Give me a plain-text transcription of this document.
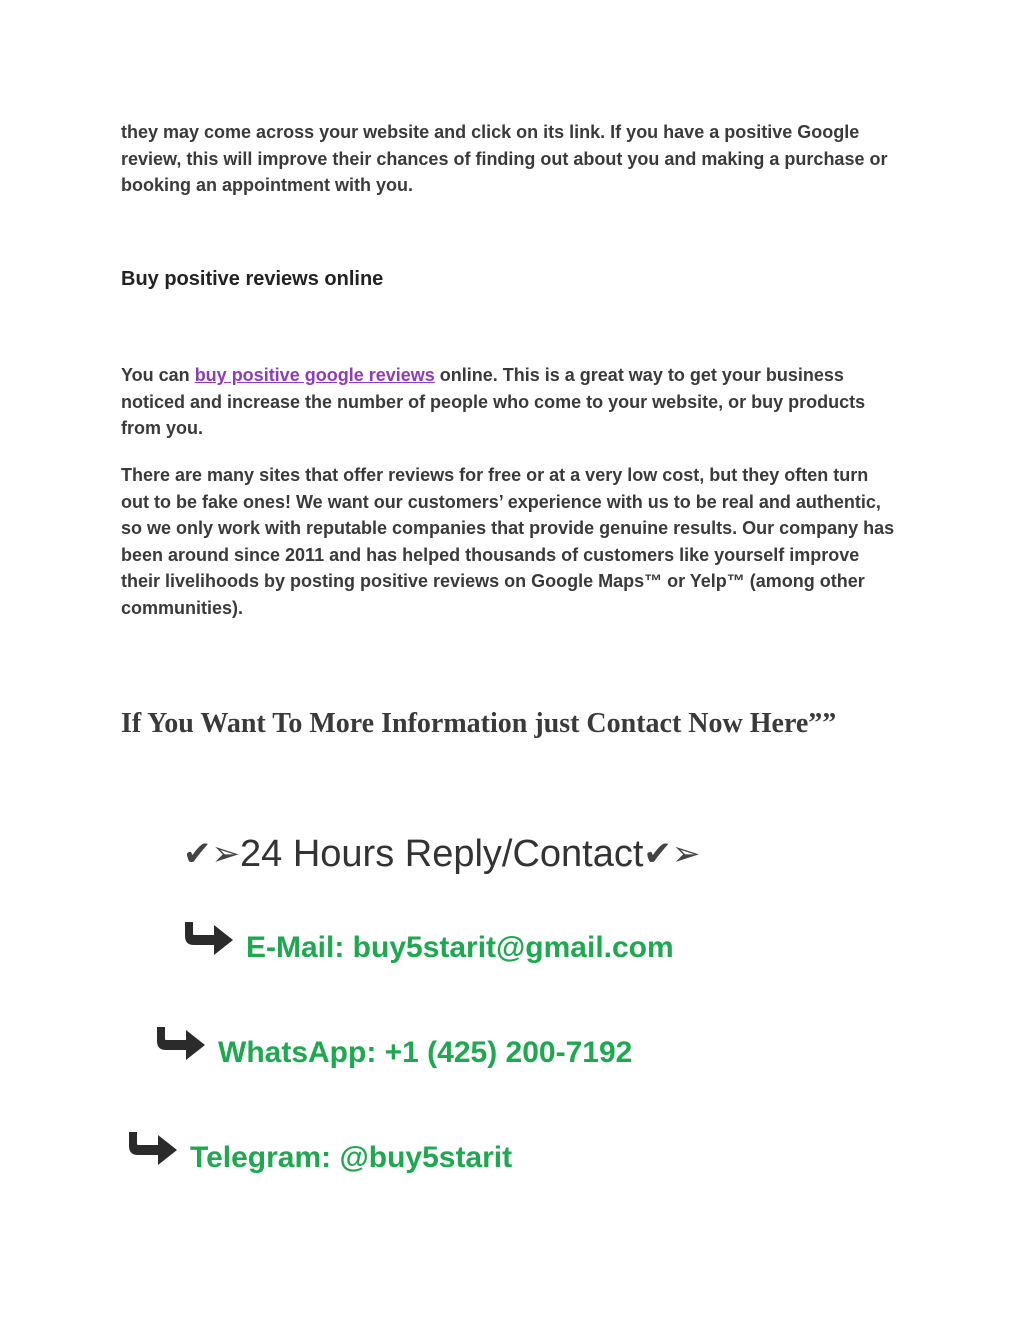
they may come across your website and click on its link. If you have a positive Google review, this will improve their chances of finding out about you and making a purchase or booking an appointment with you.

Buy positive reviews online

You can buy positive google reviews online. This is a great way to get your business noticed and increase the number of people who come to your website, or buy products from you.

There are many sites that offer reviews for free or at a very low cost, but they often turn out to be fake ones! We want our customers’ experience with us to be real and authentic, so we only work with reputable companies that provide genuine results. Our company has been around since 2011 and has helped thousands of customers like yourself improve their livelihoods by posting positive reviews on Google Maps™ or Yelp™ (among other communities).

If You Want To More Information just Contact Now Here””
✔ ➢ 24 Hours Reply/Contact ✔ ➢
E-Mail: buy5starit@gmail.com
WhatsApp: +1 (425) 200-7192
Telegram: @buy5starit
